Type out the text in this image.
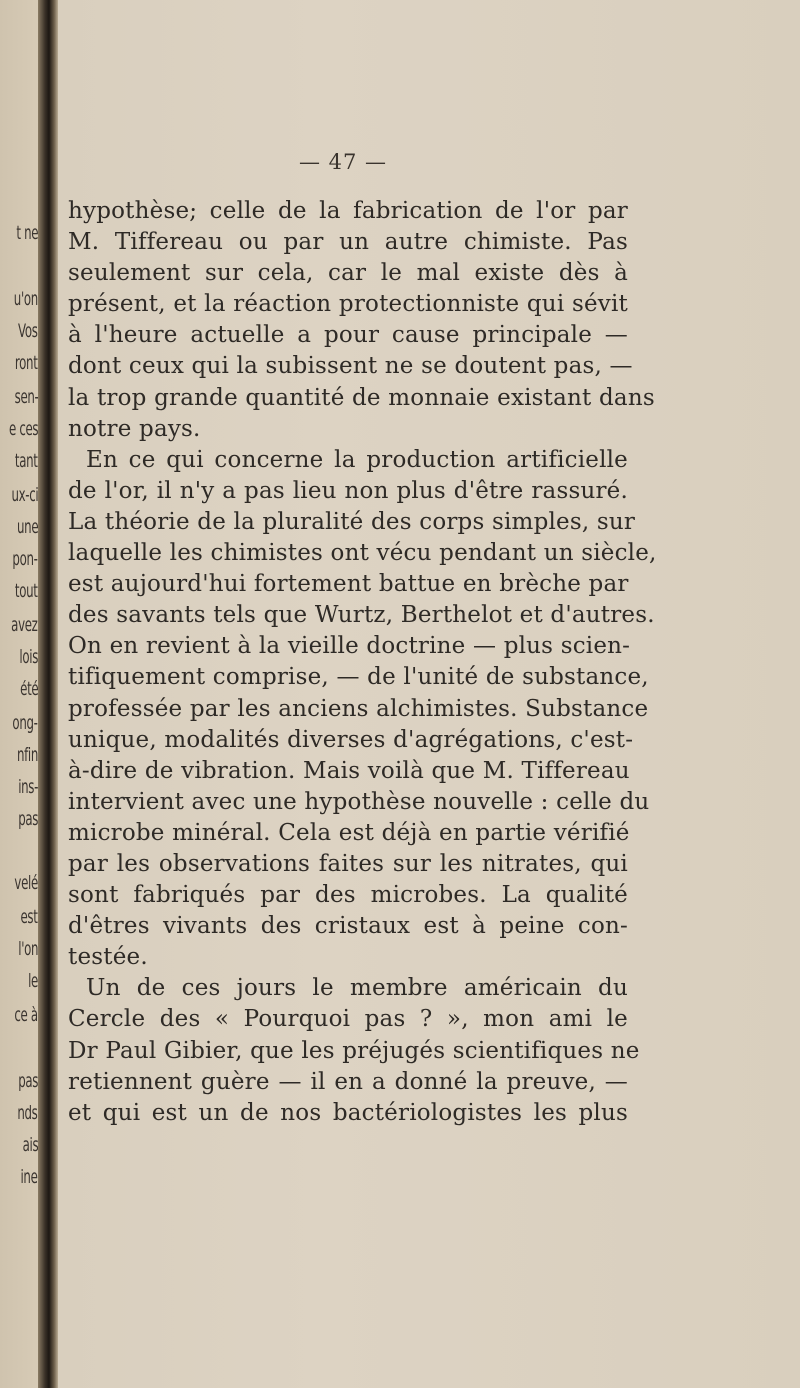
t ne
u'on
Vos
ront
sen-
e ces
tant
ux-ci
une
pon-
tout
avez
lois
été
ong-
nfin
ins-
pas
velé
est
l'on
le
ce à
pas
nds
ais
ine
— 47 —
hypothèse; celle de la fabrication de l'or par
M. Tiffereau ou par un autre chimiste. Pas
seulement sur cela, car le mal existe dès à
présent, et la réaction protectionniste qui sévit
à l'heure actuelle a pour cause principale —
dont ceux qui la subissent ne se doutent pas, —
la trop grande quantité de monnaie existant dans
notre pays.
En ce qui concerne la production artificielle
de l'or, il n'y a pas lieu non plus d'être rassuré.
La théorie de la pluralité des corps simples, sur
laquelle les chimistes ont vécu pendant un siècle,
est aujourd'hui fortement battue en brèche par
des savants tels que Wurtz, Berthelot et d'autres.
On en revient à la vieille doctrine — plus scien-
tifiquement comprise, — de l'unité de substance,
professée par les anciens alchimistes. Substance
unique, modalités diverses d'agrégations, c'est-
à-dire de vibration. Mais voilà que M. Tiffereau
intervient avec une hypothèse nouvelle : celle du
microbe minéral. Cela est déjà en partie vérifié
par les observations faites sur les nitrates, qui
sont fabriqués par des microbes. La qualité
d'êtres vivants des cristaux est à peine con-
testée.
Un de ces jours le membre américain du
Cercle des « Pourquoi pas ? », mon ami le
Dr Paul Gibier, que les préjugés scientifiques ne
retiennent guère — il en a donné la preuve, —
et qui est un de nos bactériologistes les plus
